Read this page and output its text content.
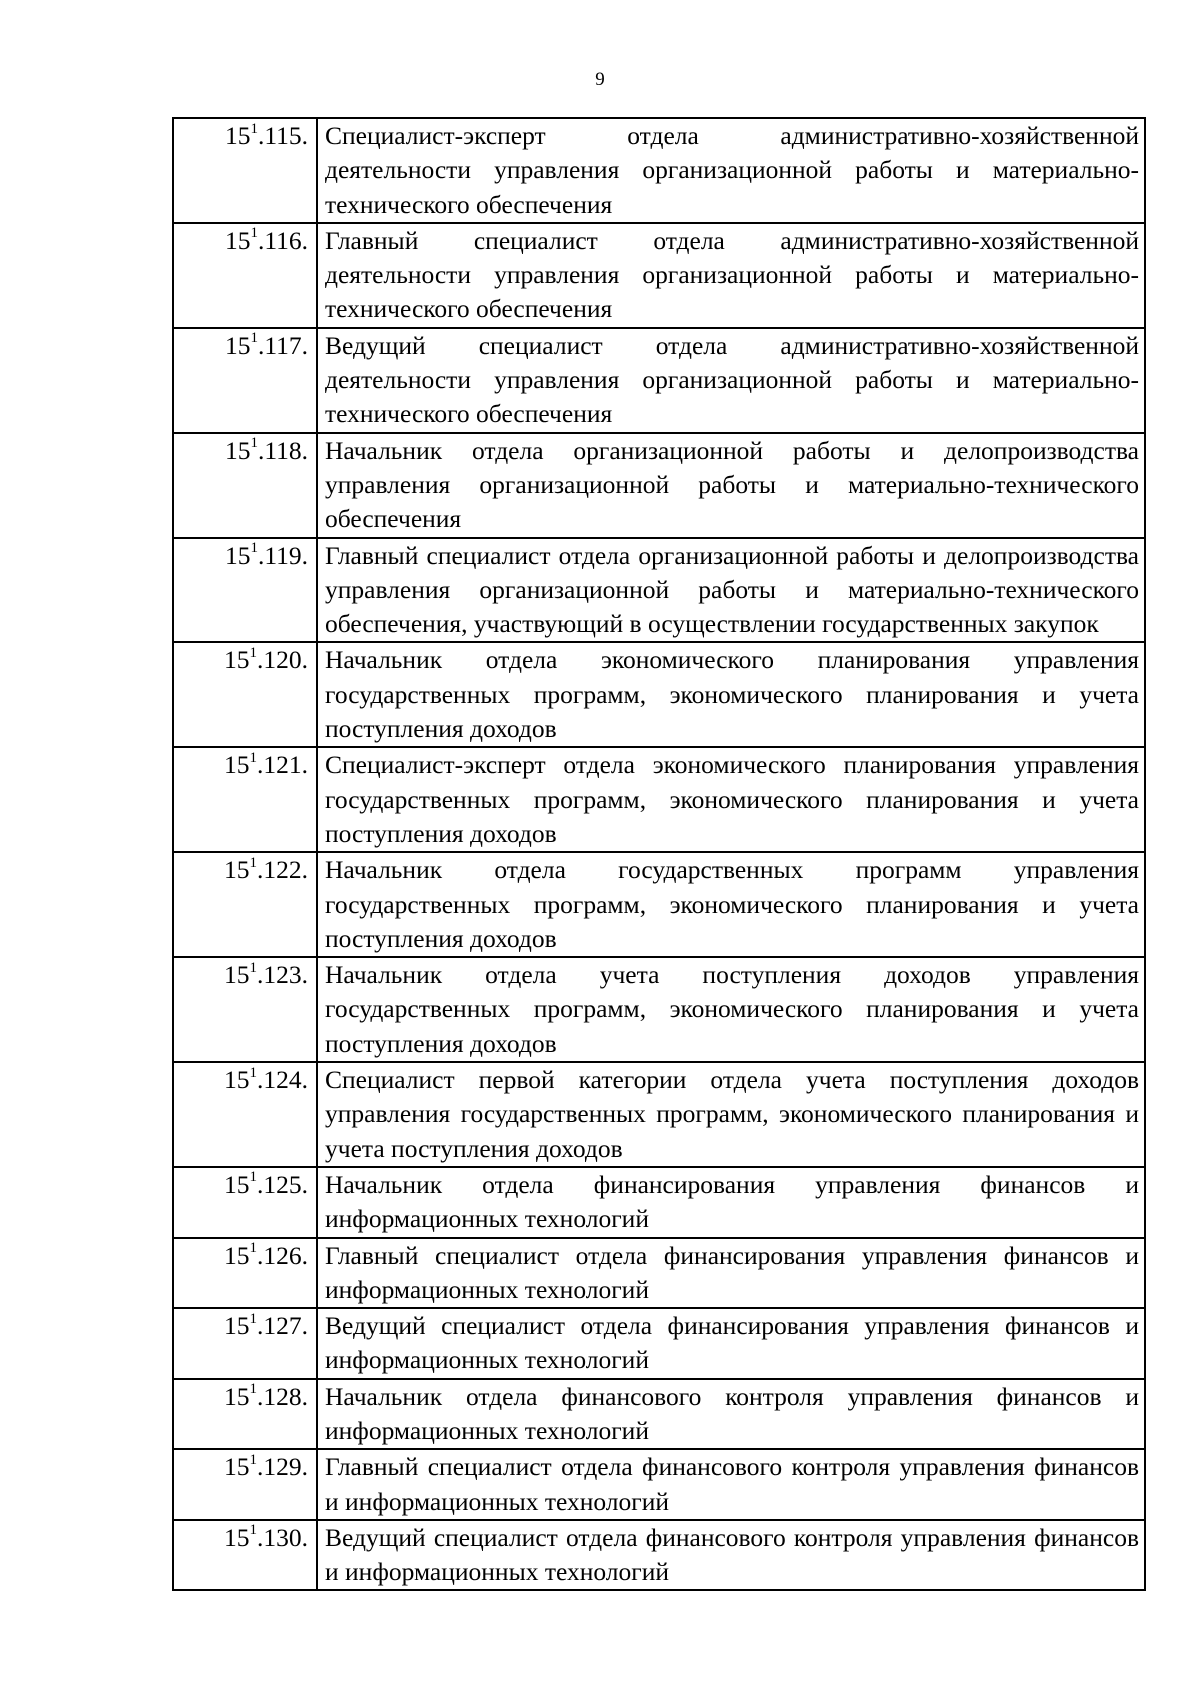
9
$15^1.115$.	Специалист-эксперт отдела административно-хозяйственной деятельности управления организационной работы и материально-технического обеспечения
$15^1.116$.	Главный специалист отдела административно-хозяйственной деятельности управления организационной работы и материально-технического обеспечения
$15^1.117$.	Ведущий специалист отдела административно-хозяйственной деятельности управления организационной работы и материально-технического обеспечения
$15^1.118$.	Начальник отдела организационной работы и делопроизводства управления организационной работы и материально-технического обеспечения
$15^1.119$.	Главный специалист отдела организационной работы и делопроизводства управления организационной работы и материально-технического обеспечения, участвующий в осуществлении государственных закупок
$15^1.120$.	Начальник отдела экономического планирования управления государственных программ, экономического планирования и учета поступления доходов
$15^1.121$.	Специалист-эксперт отдела экономического планирования управления государственных программ, экономического планирования и учета поступления доходов
$15^1.122$.	Начальник отдела государственных программ управления государственных программ, экономического планирования и учета поступления доходов
$15^1.123$.	Начальник отдела учета поступления доходов управления государственных программ, экономического планирования и учета поступления доходов
$15^1.124$.	Специалист первой категории отдела учета поступления доходов управления государственных программ, экономического планирования и учета поступления доходов
$15^1.125$.	Начальник отдела финансирования управления финансов и информационных технологий
$15^1.126$.	Главный специалист отдела финансирования управления финансов и информационных технологий
$15^1.127$.	Ведущий специалист отдела финансирования управления финансов и информационных технологий
$15^1.128$.	Начальник отдела финансового контроля управления финансов и информационных технологий
$15^1.129$.	Главный специалист отдела финансового контроля управления финансов и информационных технологий
$15^1.130$.	Ведущий специалист отдела финансового контроля управления финансов и информационных технологий
